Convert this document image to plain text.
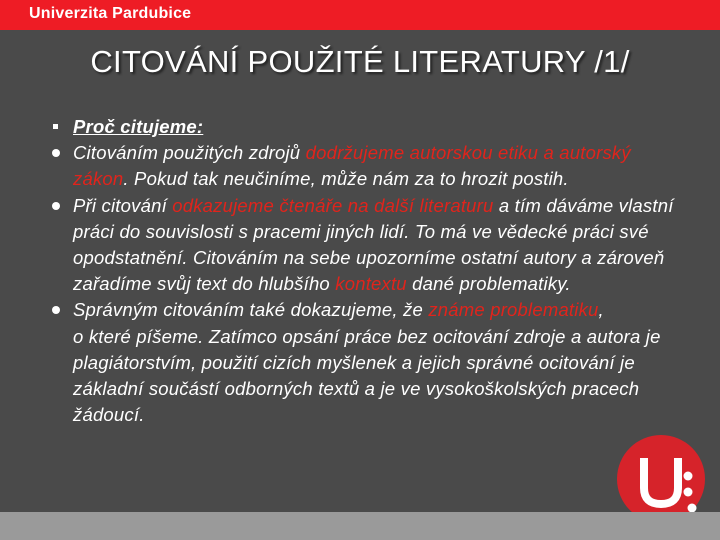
Univerzita Pardubice
CITOVÁNÍ POUŽITÉ LITERATURY /1/
Proč citujeme:
Citováním použitých zdrojů dodržujeme autorskou etiku a autorský zákon. Pokud tak neučiníme, může nám za to hrozit postih.
Při citování odkazujeme čtenáře na další literaturu a tím dáváme vlastní práci do souvislosti s pracemi jiných lidí. To má ve vědecké práci své opodstatnění. Citováním na sebe upozorníme ostatní autory a zároveň zařadíme svůj text do hlubšího kontextu dané problematiky.
Správným citováním také dokazujeme, že známe problematiku,
o které píšeme. Zatímco opsání práce bez ocitování zdroje a autora je plagiátorstvím, použití cizích myšlenek a jejich správné ocitování je základní součástí odborných textů a je ve vysokoškolských pracech žádoucí.
